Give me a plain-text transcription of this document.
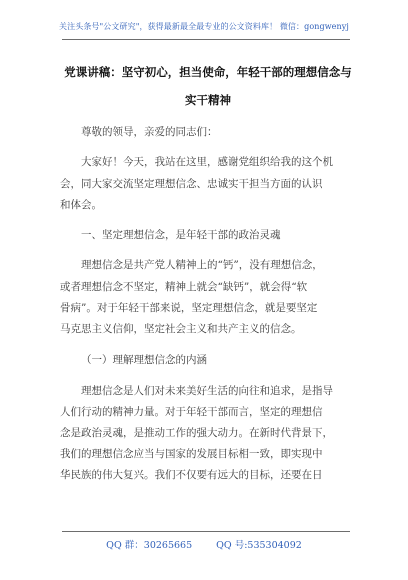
关注头条号"公文研究"，获得最新最全最专业的公文资料库！ 微信：gongwenyj
党课讲稿：坚守初心，担当使命，年轻干部的理想信念与
实干精神
尊敬的领导，亲爱的同志们：
大家好！今天，我站在这里，感谢党组织给我的这个机
会，同大家交流坚定理想信念、忠诚实干担当方面的认识
和体会。
一、坚定理想信念，是年轻干部的政治灵魂
理想信念是共产党人精神上的“钙”，没有理想信念，
或者理想信念不坚定，精神上就会“缺钙”，就会得“软
骨病”。对于年轻干部来说，坚定理想信念，就是要坚定
马克思主义信仰，坚定社会主义和共产主义的信念。
（一）理解理想信念的内涵
理想信念是人们对未来美好生活的向往和追求，是指导
人们行动的精神力量。对于年轻干部而言，坚定的理想信
念是政治灵魂，是推动工作的强大动力。在新时代背景下，
我们的理想信念应当与国家的发展目标相一致，即实现中
华民族的伟大复兴。我们不仅要有远大的目标，还要在日
QQ 群：30265665	QQ 号:535304092
